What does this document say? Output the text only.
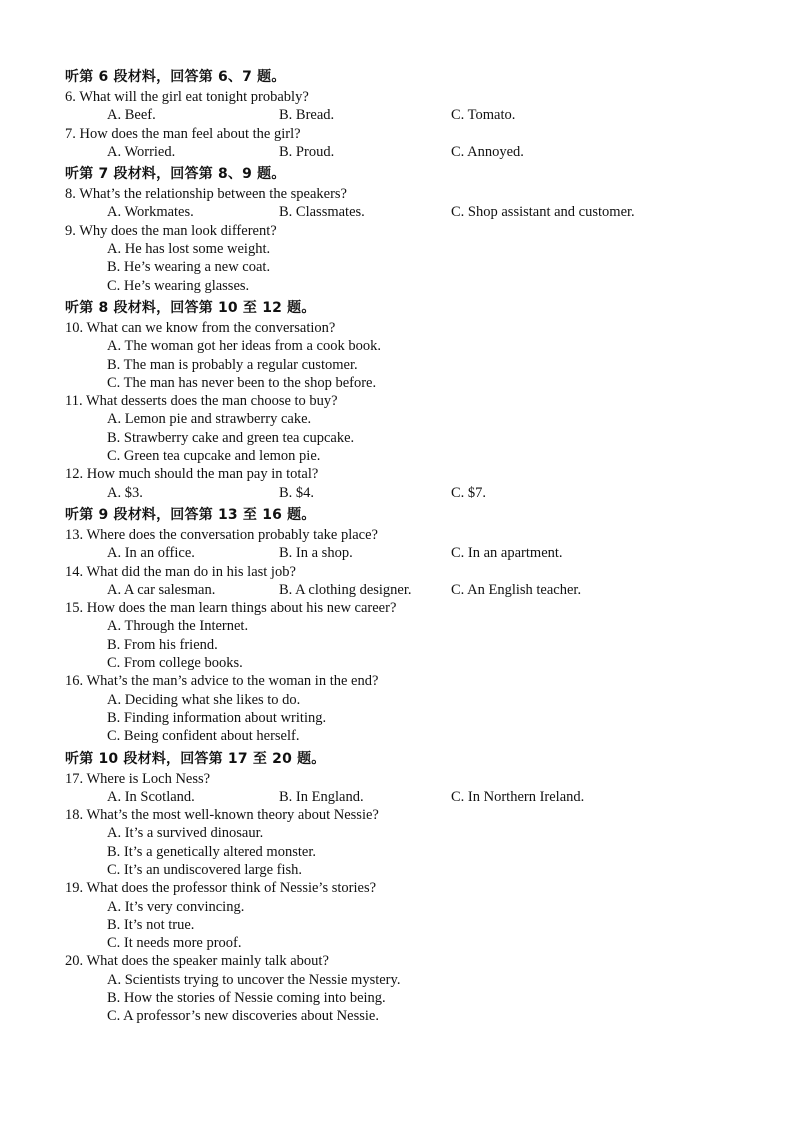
听第 6 段材料，回答第 6、7 题。
6. What will the girl eat tonight probably?
A. Beef.	B. Bread.	C. Tomato.
7. How does the man feel about the girl?
A. Worried.	B. Proud.	C. Annoyed.
听第 7 段材料，回答第 8、9 题。
8. What’s the relationship between the speakers?
A. Workmates.	B. Classmates.	C. Shop assistant and customer.
9. Why does the man look different?
A. He has lost some weight.
B. He’s wearing a new coat.
C. He’s wearing glasses.
听第 8 段材料，回答第 10 至 12 题。
10. What can we know from the conversation?
A. The woman got her ideas from a cook book.
B. The man is probably a regular customer.
C. The man has never been to the shop before.
11. What desserts does the man choose to buy?
A. Lemon pie and strawberry cake.
B. Strawberry cake and green tea cupcake.
C. Green tea cupcake and lemon pie.
12. How much should the man pay in total?
A. $3.	B. $4.	C. $7.
听第 9 段材料，回答第 13 至 16 题。
13. Where does the conversation probably take place?
A. In an office.	B. In a shop.	C. In an apartment.
14. What did the man do in his last job?
A. A car salesman.	B. A clothing designer.	C. An English teacher.
15. How does the man learn things about his new career?
A. Through the Internet.
B. From his friend.
C. From college books.
16. What’s the man’s advice to the woman in the end?
A. Deciding what she likes to do.
B. Finding information about writing.
C. Being confident about herself.
听第 10 段材料，回答第 17 至 20 题。
17. Where is Loch Ness?
A. In Scotland.	B. In England.	C. In Northern Ireland.
18. What’s the most well-known theory about Nessie?
A. It’s a survived dinosaur.
B. It’s a genetically altered monster.
C. It’s an undiscovered large fish.
19. What does the professor think of Nessie’s stories?
A. It’s very convincing.
B. It’s not true.
C. It needs more proof.
20. What does the speaker mainly talk about?
A. Scientists trying to uncover the Nessie mystery.
B. How the stories of Nessie coming into being.
C. A professor’s new discoveries about Nessie.
